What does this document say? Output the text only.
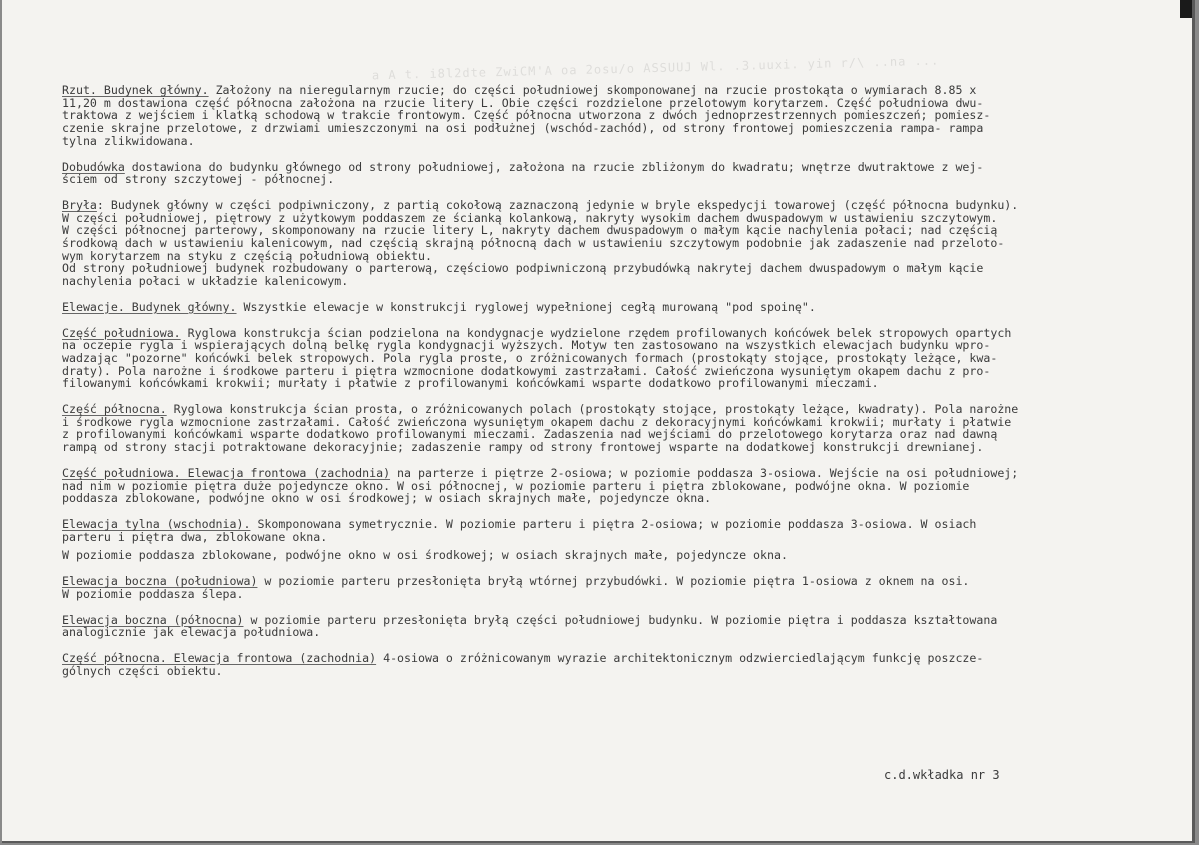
a A t. i8l2dte ZwiCM'A oa 2osu/o ASSUUJ Wl. .3.uuxi. yin r/\ ..na ...

Rzut. Budynek główny. Założony na nieregularnym rzucie; do części południowej skomponowanej na rzucie prostokąta o wymiarach 8.85 x
11,20 m dostawiona część północna założona na rzucie litery L. Obie części rozdzielone przelotowym korytarzem. Część południowa dwu-
traktowa z wejściem i klatką schodową w trakcie frontowym. Część północna utworzona z dwóch jednoprzestrzennych pomieszczeń; pomiesz-
czenie skrajne przelotowe, z drzwiami umieszczonymi na osi podłużnej (wschód-zachód), od strony frontowej pomieszczenia rampa- rampa
tylna zlikwidowana.

Dobudówka dostawiona do budynku głównego od strony południowej, założona na rzucie zbliżonym do kwadratu; wnętrze dwutraktowe z wej-
ściem od strony szczytowej - północnej.

Bryła: Budynek główny w części podpiwniczony, z partią cokołową zaznaczoną jedynie w bryle ekspedycji towarowej (część północna budynku).
W części południowej, piętrowy z użytkowym poddaszem ze ścianką kolankową, nakryty wysokim dachem dwuspadowym w ustawieniu szczytowym.
W części północnej parterowy, skomponowany na rzucie litery L, nakryty dachem dwuspadowym o małym kącie nachylenia połaci; nad częścią
środkową dach w ustawieniu kalenicowym, nad częścią skrajną północną dach w ustawieniu szczytowym podobnie jak zadaszenie nad przeloto-
wym korytarzem na styku z częścią południową obiektu.
Od strony południowej budynek rozbudowany o parterową, częściowo podpiwniczoną przybudówką nakrytej dachem dwuspadowym o małym kącie
nachylenia połaci w układzie kalenicowym.

Elewacje. Budynek główny. Wszystkie elewacje w konstrukcji ryglowej wypełnionej cegłą murowaną "pod spoinę".

Część południowa. Ryglowa konstrukcja ścian podzielona na kondygnacje wydzielone rzędem profilowanych końcówek belek stropowych opartych
na oczepie rygla i wspierających dolną belkę rygla kondygnacji wyższych. Motyw ten zastosowano na wszystkich elewacjach budynku wpro-
wadzając "pozorne" końcówki belek stropowych. Pola rygla proste, o zróżnicowanych formach (prostokąty stojące, prostokąty leżące, kwa-
draty). Pola narożne i środkowe parteru i piętra wzmocnione dodatkowymi zastrzałami. Całość zwieńczona wysuniętym okapem dachu z pro-
filowanymi końcówkami krokwii; murłaty i płatwie z profilowanymi końcówkami wsparte dodatkowo profilowanymi mieczami.

Część północna. Ryglowa konstrukcja ścian prosta, o zróżnicowanych polach (prostokąty stojące, prostokąty leżące, kwadraty). Pola narożne
i środkowe rygla wzmocnione zastrzałami. Całość zwieńczona wysuniętym okapem dachu z dekoracyjnymi końcówkami krokwii; murłaty i płatwie
z profilowanymi końcówkami wsparte dodatkowo profilowanymi mieczami. Zadaszenia nad wejściami do przelotowego korytarza oraz nad dawną
rampą od strony stacji potraktowane dekoracyjnie; zadaszenie rampy od strony frontowej wsparte na dodatkowej konstrukcji drewnianej.

Część południowa. Elewacja frontowa (zachodnia) na parterze i piętrze 2-osiowa; w poziomie poddasza 3-osiowa. Wejście na osi południowej;
nad nim w poziomie piętra duże pojedyncze okno. W osi północnej, w poziomie parteru i piętra zblokowane, podwójne okna. W poziomie
poddasza zblokowane, podwójne okno w osi środkowej; w osiach skrajnych małe, pojedyncze okna.

Elewacja tylna (wschodnia). Skomponowana symetrycznie. W poziomie parteru i piętra 2-osiowa; w poziomie poddasza 3-osiowa. W osiach
parteru i piętra dwa, zblokowane okna.

W poziomie poddasza zblokowane, podwójne okno w osi środkowej; w osiach skrajnych małe, pojedyncze okna.

Elewacja boczna (południowa) w poziomie parteru przesłonięta bryłą wtórnej przybudówki. W poziomie piętra 1-osiowa z oknem na osi.
W poziomie poddasza ślepa.

Elewacja boczna (północna) w poziomie parteru przesłonięta bryłą części południowej budynku. W poziomie piętra i poddasza kształtowana
analogicznie jak elewacja południowa.

Część północna. Elewacja frontowa (zachodnia) 4-osiowa o zróżnicowanym wyrazie architektonicznym odzwierciedlającym funkcję poszcze-
gólnych części obiektu.

c.d.wkładka nr 3
